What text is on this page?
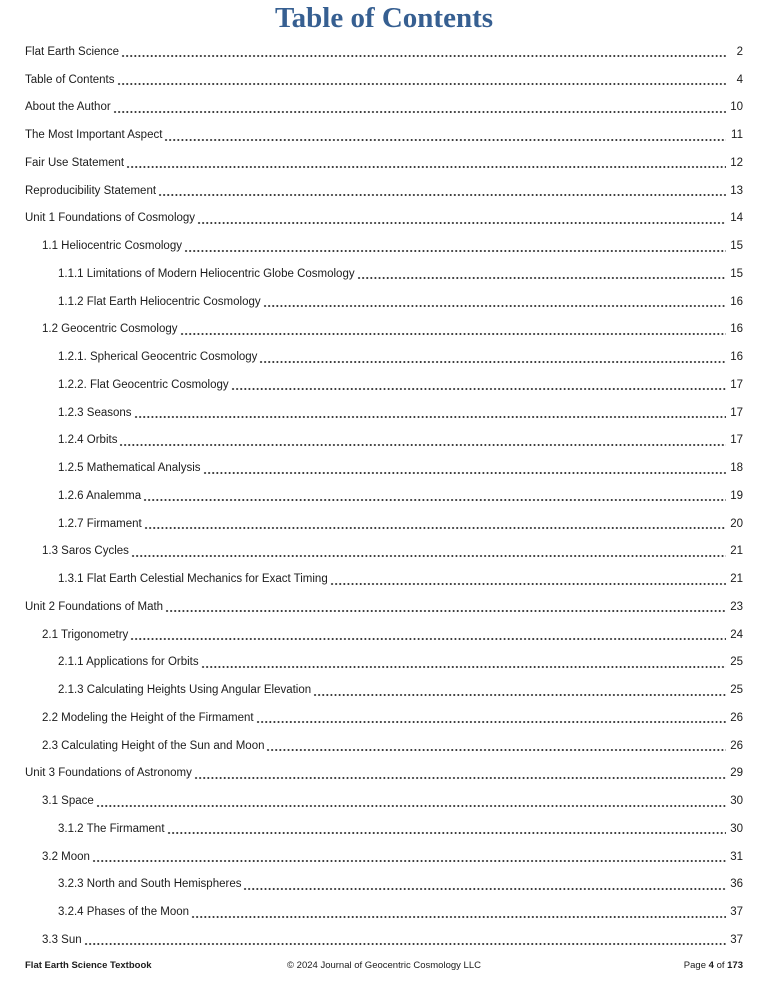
Table of Contents
Flat Earth Science	2
Table of Contents	4
About the Author	10
The Most Important Aspect	11
Fair Use Statement	12
Reproducibility Statement	13
Unit 1 Foundations of Cosmology	14
1.1 Heliocentric Cosmology	15
1.1.1 Limitations of Modern Heliocentric Globe Cosmology	15
1.1.2 Flat Earth Heliocentric Cosmology	16
1.2 Geocentric Cosmology	16
1.2.1. Spherical Geocentric Cosmology	16
1.2.2. Flat Geocentric Cosmology	17
1.2.3 Seasons	17
1.2.4 Orbits	17
1.2.5 Mathematical Analysis	18
1.2.6 Analemma	19
1.2.7 Firmament	20
1.3 Saros Cycles	21
1.3.1 Flat Earth Celestial Mechanics for Exact Timing	21
Unit 2 Foundations of Math	23
2.1 Trigonometry	24
2.1.1 Applications for Orbits	25
2.1.3 Calculating Heights Using Angular Elevation	25
2.2 Modeling the Height of the Firmament	26
2.3 Calculating Height of the Sun and Moon	26
Unit 3 Foundations of Astronomy	29
3.1 Space	30
3.1.2 The Firmament	30
3.2 Moon	31
3.2.3 North and South Hemispheres	36
3.2.4 Phases of the Moon	37
3.3 Sun	37
Flat Earth Science Textbook	© 2024 Journal of Geocentric Cosmology LLC	Page 4 of 173
